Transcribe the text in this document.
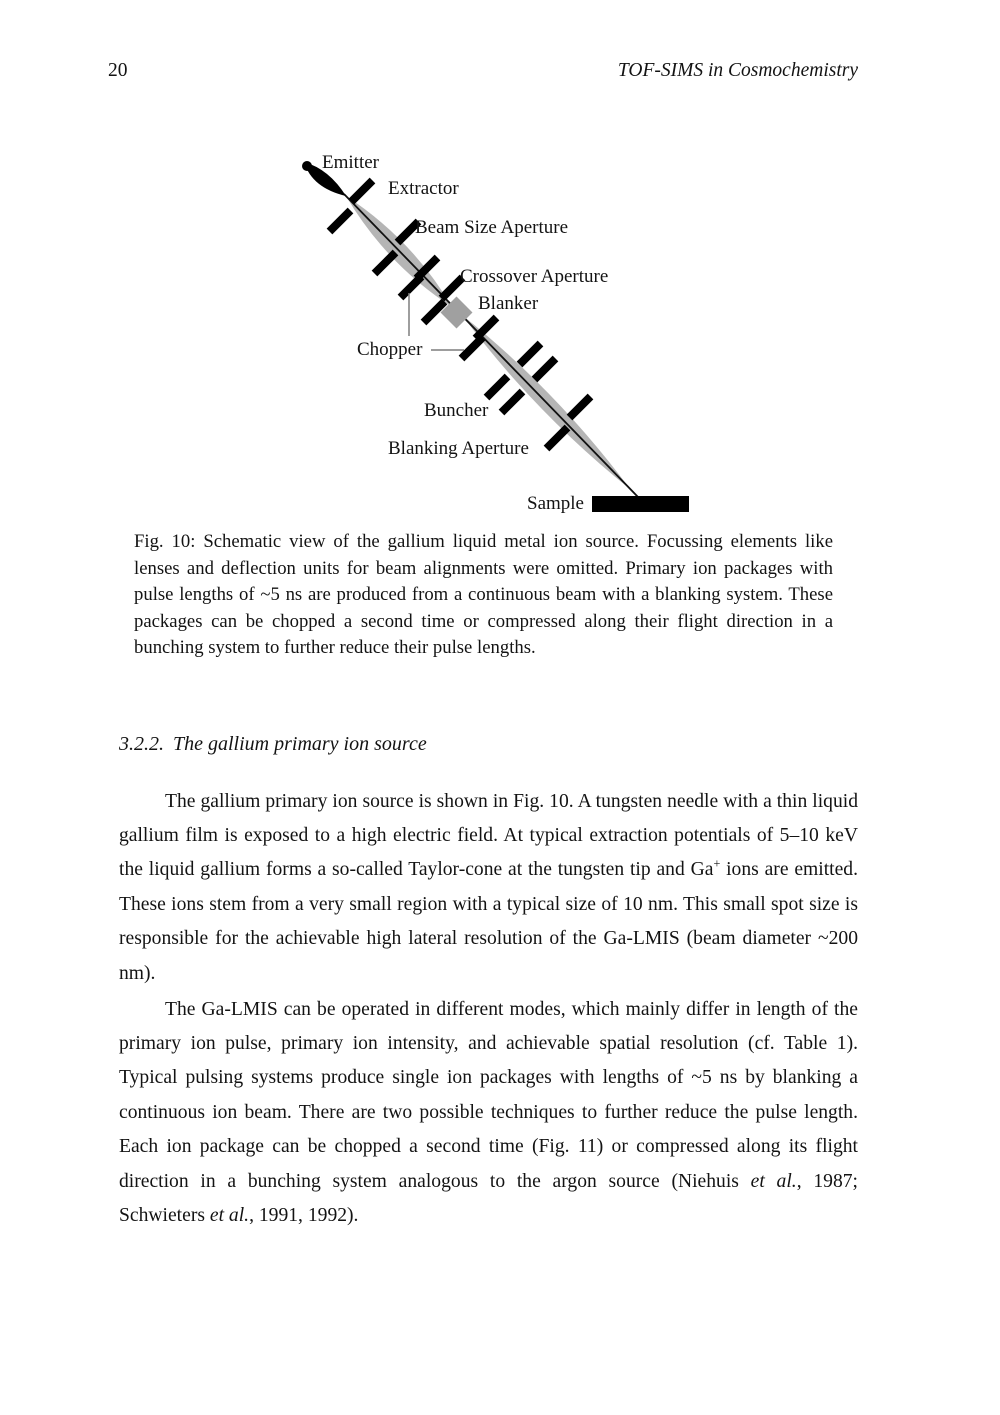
20	TOF-SIMS in Cosmochemistry
Emitter
Extractor
Beam Size Aperture
Crossover Aperture
Blanker
Chopper
Buncher
Blanking Aperture
Sample
Fig. 10: Schematic view of the gallium liquid metal ion source. Focussing elements like lenses and deflection units for beam alignments were omitted. Primary ion packages with pulse lengths of ~5 ns are produced from a continuous beam with a blanking system. These packages can be chopped a second time or compressed along their flight direction in a bunching system to further reduce their pulse lengths.
3.2.2. The gallium primary ion source

The gallium primary ion source is shown in Fig. 10. A tungsten needle with a thin liquid gallium film is exposed to a high electric field. At typical extraction potentials of 5–10 keV the liquid gallium forms a so-called Taylor-cone at the tungsten tip and Ga+ ions are emitted. These ions stem from a very small region with a typical size of 10 nm. This small spot size is responsible for the achievable high lateral resolution of the Ga-LMIS (beam diameter ~200 nm).

The Ga-LMIS can be operated in different modes, which mainly differ in length of the primary ion pulse, primary ion intensity, and achievable spatial resolution (cf. Table 1). Typical pulsing systems produce single ion packages with lengths of ~5 ns by blanking a continuous ion beam. There are two possible techniques to further reduce the pulse length. Each ion package can be chopped a second time (Fig. 11) or compressed along its flight direction in a bunching system analogous to the argon source (Niehuis et al., 1987; Schwieters et al., 1991, 1992).
